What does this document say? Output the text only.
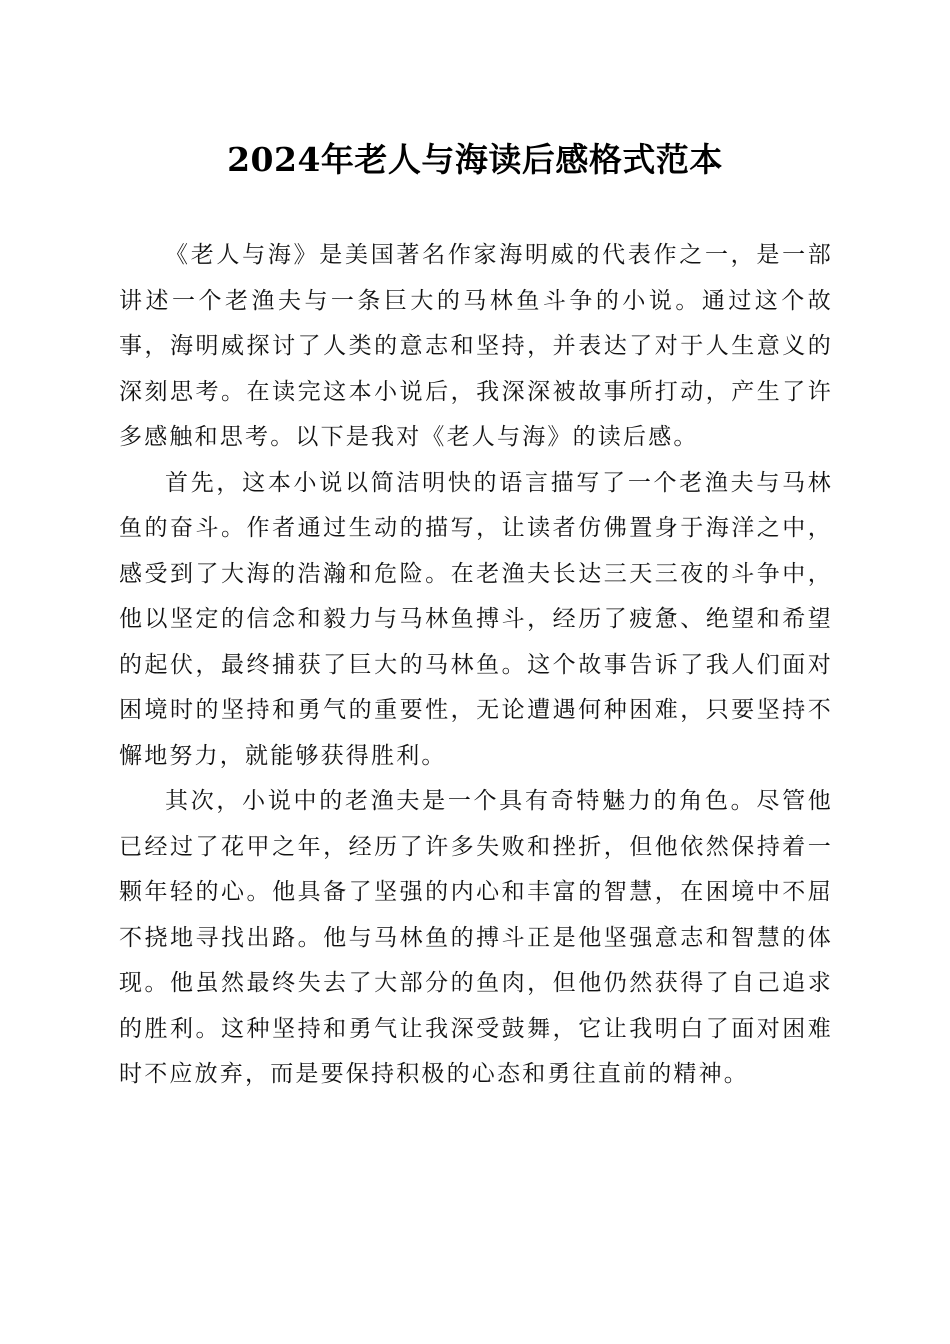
2024年老人与海读后感格式范本

《老人与海》是美国著名作家海明威的代表作之一，是一部讲述一个老渔夫与一条巨大的马林鱼斗争的小说。通过这个故事，海明威探讨了人类的意志和坚持，并表达了对于人生意义的深刻思考。在读完这本小说后，我深深被故事所打动，产生了许多感触和思考。以下是我对《老人与海》的读后感。

首先，这本小说以简洁明快的语言描写了一个老渔夫与马林鱼的奋斗。作者通过生动的描写，让读者仿佛置身于海洋之中，感受到了大海的浩瀚和危险。在老渔夫长达三天三夜的斗争中，他以坚定的信念和毅力与马林鱼搏斗，经历了疲惫、绝望和希望的起伏，最终捕获了巨大的马林鱼。这个故事告诉了我人们面对困境时的坚持和勇气的重要性，无论遭遇何种困难，只要坚持不懈地努力，就能够获得胜利。

其次，小说中的老渔夫是一个具有奇特魅力的角色。尽管他已经过了花甲之年，经历了许多失败和挫折，但他依然保持着一颗年轻的心。他具备了坚强的内心和丰富的智慧，在困境中不屈不挠地寻找出路。他与马林鱼的搏斗正是他坚强意志和智慧的体现。他虽然最终失去了大部分的鱼肉，但他仍然获得了自己追求的胜利。这种坚持和勇气让我深受鼓舞，它让我明白了面对困难时不应放弃，而是要保持积极的心态和勇往直前的精神。
